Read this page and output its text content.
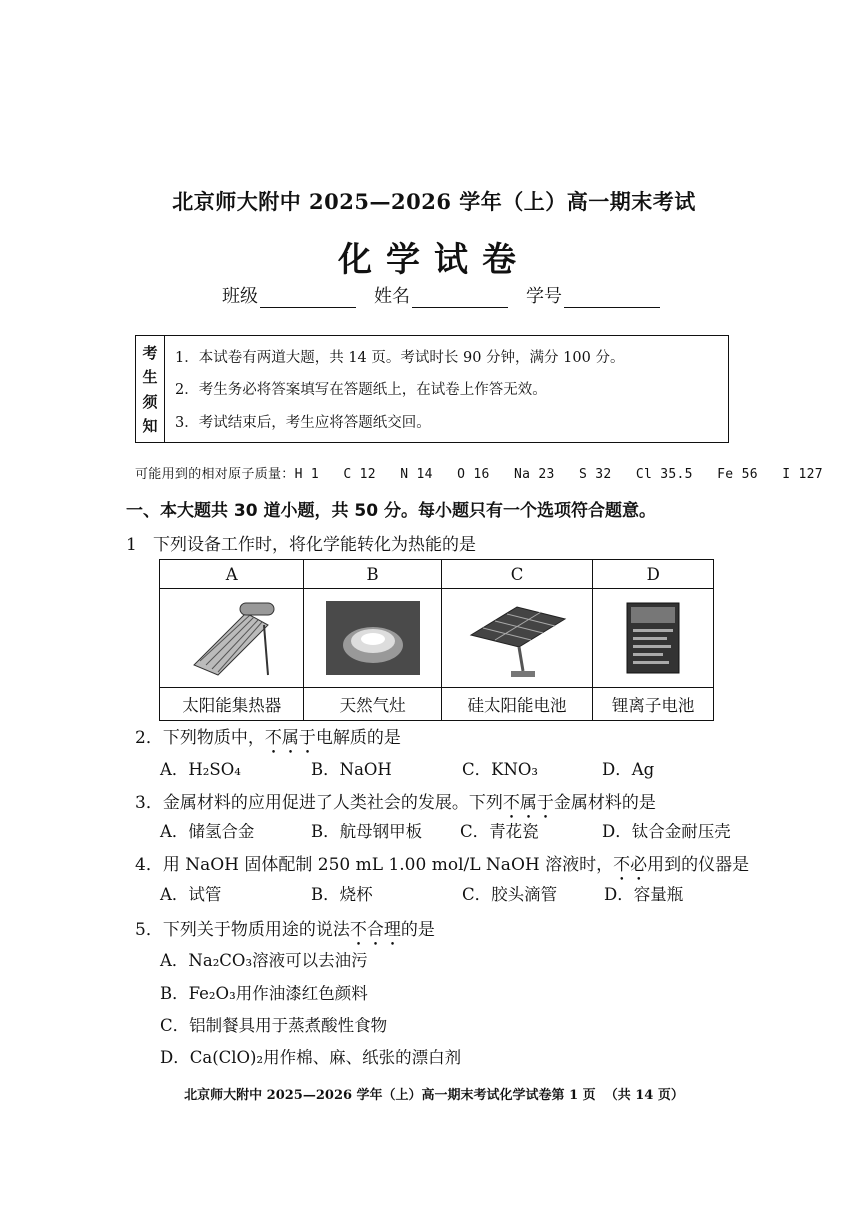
北京师大附中 2025—2026 学年（上）高一期末考试
化学试卷
班级	姓名	学号
考
生
须
知
1．本试卷有两道大题，共 14 页。考试时长 90 分钟，满分 100 分。
2．考生务必将答案填写在答题纸上，在试卷上作答无效。
3．考试结束后，考生应将答题纸交回。
可能用到的相对原子质量：H 1   C 12   N 14   O 16   Na 23   S 32   Cl 35.5   Fe 56   I 127
一、本大题共 30 道小题，共 50 分。每小题只有一个选项符合题意。
1   下列设备工作时，将化学能转化为热能的是
A	B	C	D

太阳能集热器	天然气灶	硅太阳能电池	锂离子电池
2．下列物质中，不属于电解质的是
A．H₂SO₄	B．NaOH	C．KNO₃	D．Ag
3．金属材料的应用促进了人类社会的发展。下列不属于金属材料的是
A．储氢合金	B．航母钢甲板 C．青花瓷	D．钛合金耐压壳
4．用 NaOH 固体配制 250 mL 1.00 mol/L NaOH 溶液时，不必用到的仪器是
A．试管	B．烧杯	C．胶头滴管	D．容量瓶
5．下列关于物质用途的说法不合理的是
A．Na₂CO₃溶液可以去油污
B．Fe₂O₃用作油漆红色颜料
C．铝制餐具用于蒸煮酸性食物
D．Ca(ClO)₂用作棉、麻、纸张的漂白剂
北京师大附中 2025—2026 学年（上）高一期末考试化学试卷第 1 页  （共 14 页）
